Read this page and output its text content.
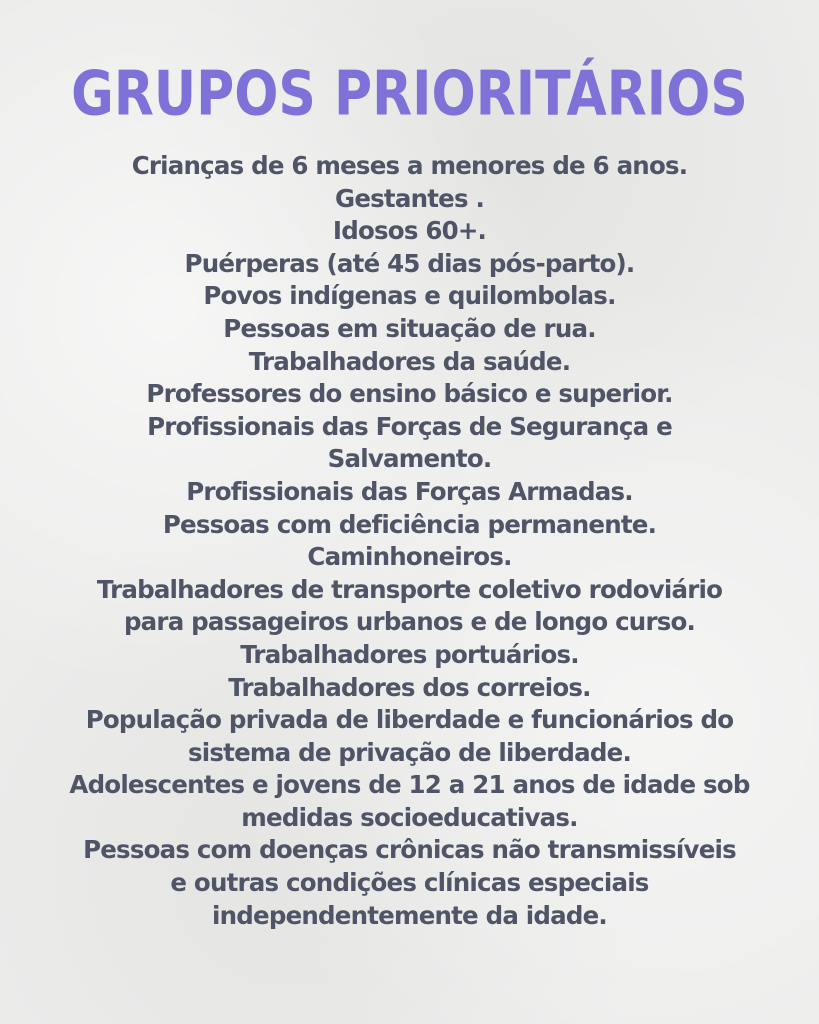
GRUPOS PRIORITÁRIOS
Crianças de 6 meses a menores de 6 anos.
Gestantes .
Idosos 60+.
Puérperas (até 45 dias pós-parto).
Povos indígenas e quilombolas.
Pessoas em situação de rua.
Trabalhadores da saúde.
Professores do ensino básico e superior.
Profissionais das Forças de Segurança e
Salvamento.
Profissionais das Forças Armadas.
Pessoas com deficiência permanente.
Caminhoneiros.
Trabalhadores de transporte coletivo rodoviário
para passageiros urbanos e de longo curso.
Trabalhadores portuários.
Trabalhadores dos correios.
População privada de liberdade e funcionários do
sistema de privação de liberdade.
Adolescentes e jovens de 12 a 21 anos de idade sob
medidas socioeducativas.
Pessoas com doenças crônicas não transmissíveis
e outras condições clínicas especiais
independentemente da idade.
